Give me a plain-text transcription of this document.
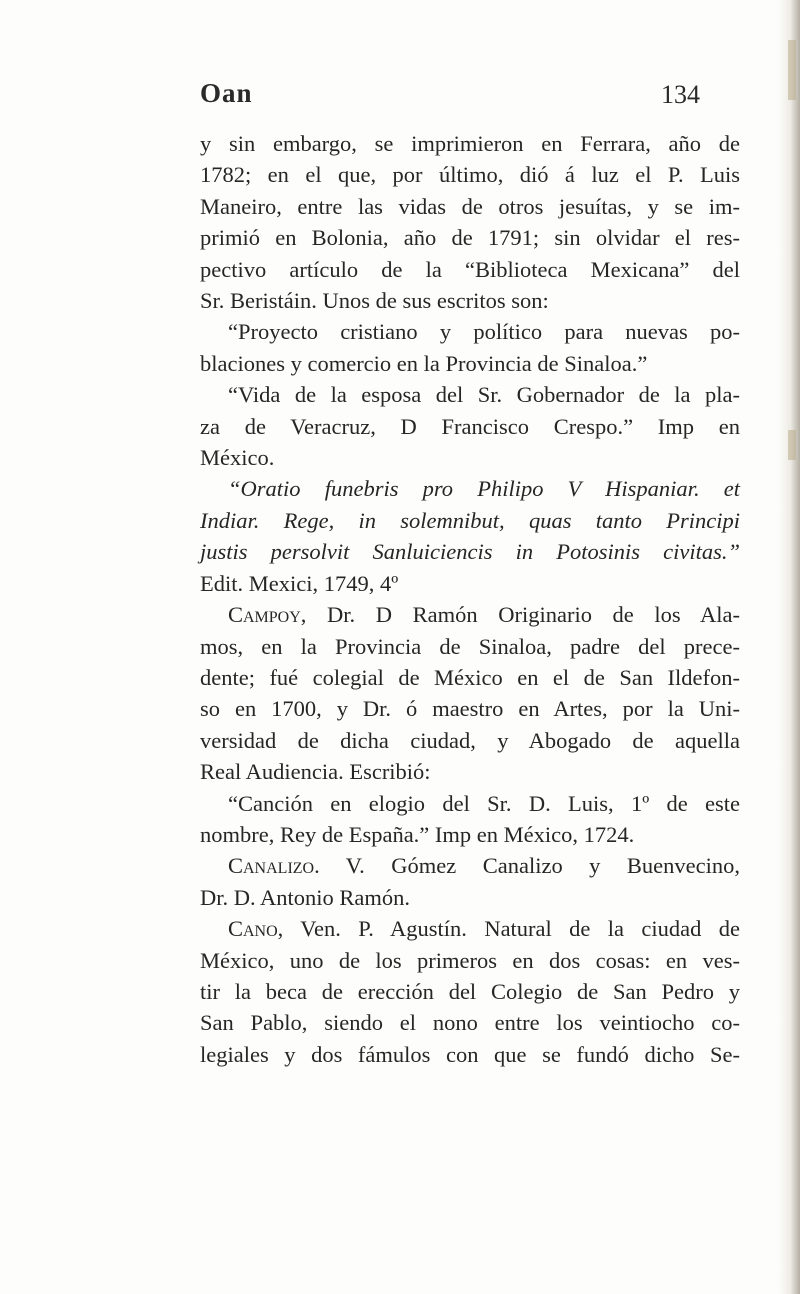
Oan	134
y sin embargo, se imprimieron en Ferrara, año de
1782; en el que, por último, dió á luz el P. Luis
Maneiro, entre las vidas de otros jesuítas, y se im-
primió en Bolonia, año de 1791; sin olvidar el res-
pectivo artículo de la “Biblioteca Mexicana” del
Sr. Beristáin. Unos de sus escritos son:
“Proyecto cristiano y político para nuevas po-
blaciones y comercio en la Provincia de Sinaloa.”
“Vida de la esposa del Sr. Gobernador de la pla-
za de Veracruz, D Francisco Crespo.” Imp en
México.
“Oratio funebris pro Philipo V Hispaniar. et
Indiar. Rege, in solemnibut, quas tanto Principi
justis persolvit Sanluiciencis in Potosinis civitas.”
Edit. Mexici, 1749, 4º
Campoy, Dr. D Ramón Originario de los Ala-
mos, en la Provincia de Sinaloa, padre del prece-
dente; fué colegial de México en el de San Ildefon-
so en 1700, y Dr. ó maestro en Artes, por la Uni-
versidad de dicha ciudad, y Abogado de aquella
Real Audiencia. Escribió:
“Canción en elogio del Sr. D. Luis, 1º de este
nombre, Rey de España.” Imp en México, 1724.
Canalizo. V. Gómez Canalizo y Buenvecino,
Dr. D. Antonio Ramón.
Cano, Ven. P. Agustín. Natural de la ciudad de
México, uno de los primeros en dos cosas: en ves-
tir la beca de erección del Colegio de San Pedro y
San Pablo, siendo el nono entre los veintiocho co-
legiales y dos fámulos con que se fundó dicho Se-
